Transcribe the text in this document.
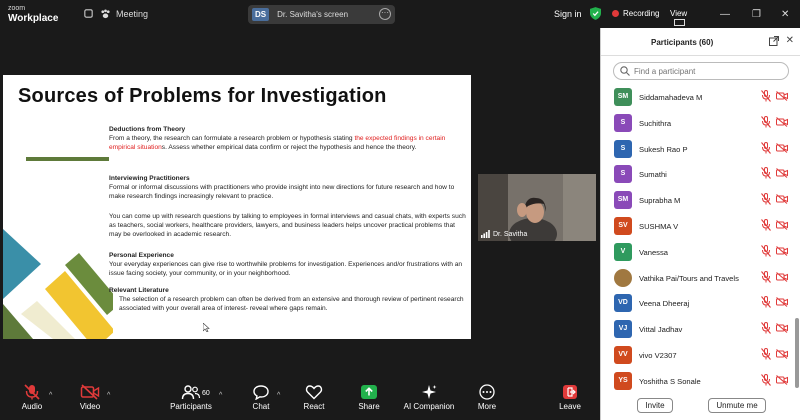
zoom
Workplace	Meeting	DS	Dr. Savitha's screen	···	Sign in	Recording View	— ❐ ✕
Sources of Problems for Investigation
Deductions from Theory
From a theory, the research can formulate a research problem or hypothesis stating the expected findings in certain empirical situations. Assess whether empirical data confirm or reject the hypothesis and hence the theory.
Interviewing Practitioners
Formal or informal discussions with practitioners who provide insight into new directions for future research and how to make research findings increasingly relevant to practice.
You can come up with research questions by talking to employees in formal interviews and casual chats, with experts such as teachers, social workers, healthcare providers, lawyers, and business leaders helps uncover practical problems that may be overlooked in academic research.
Personal Experience
Your everyday experiences can give rise to worthwhile problems for investigation. Experiences and/or frustrations with an issue facing society, your community, or in your neighborhood.
Relevant Literature
The selection of a research problem can often be derived from an extensive and thorough review of pertinent research associated with your overall area of interest- reveal where gaps remain.
Dr. Savitha
Participants (60)	✕
Find a participant
SM	Siddamahadeva M
S	Suchithra
S	Sukesh Rao P
S	Sumathi
SM	Suprabha M
SV	SUSHMA V
V	Vanessa
Vathika Pai/Tours and Travels
VD	Veena Dheeraj
VJ	Vittal Jadhav
VV	vivo V2307
YS	Yoshitha S Sonale
Invite	Unmute me
Audio
^
Video
^
Participants
60 ^
Chat
^
React	Share	AI Companion	More	Leave
